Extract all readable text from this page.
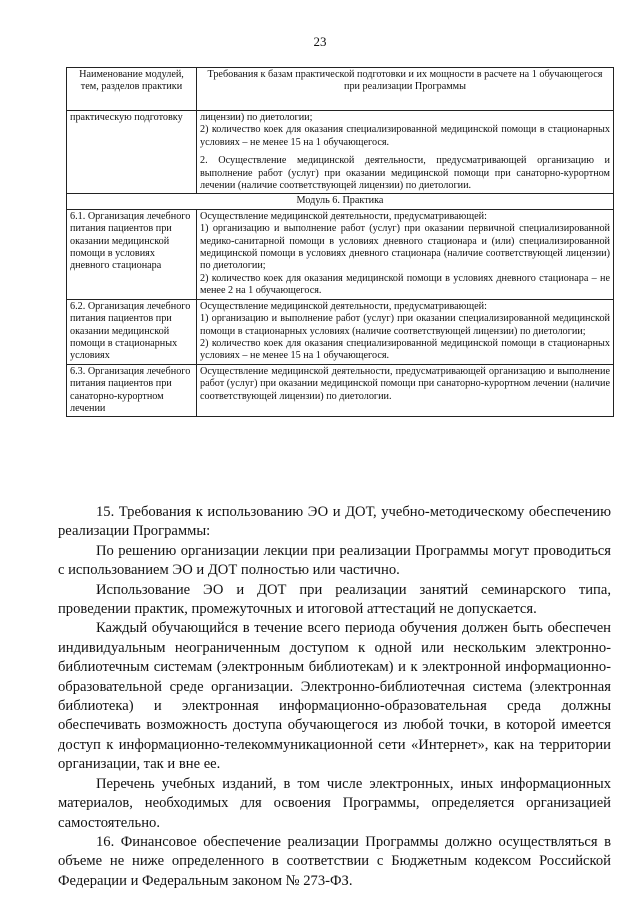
23
Наименование модулей, тем, разделов практики	Требования к базам практической подготовки и их мощности в расчете на 1 обучающегося при реализации Программы
практическую подготовку	лицензии) по диетологии;

2) количество коек для оказания специализированной медицинской помощи в стационарных условиях – не менее 15 на 1 обучающегося.

2. Осуществление медицинской деятельности, предусматривающей организацию и выполнение работ (услуг) при оказании медицинской помощи при санаторно-курортном лечении (наличие соответствующей лицензии) по диетологии.

Модуль 6. Практика	
6.1. Организация лечебного питания пациентов при оказании медицинской помощи в условиях дневного стационара	Осуществление медицинской деятельности, предусматривающей:

1) организацию и выполнение работ (услуг) при оказании первичной специализированной медико-санитарной помощи в условиях дневного стационара и (или) специализированной медицинской помощи в условиях дневного стационара (наличие соответствующей лицензии) по диетологии;

2) количество коек для оказания медицинской помощи в условиях дневного стационара – не менее 2 на 1 обучающегося.

6.2. Организация лечебного питания пациентов при оказании медицинской помощи в стационарных условиях	Осуществление медицинской деятельности, предусматривающей:

1) организацию и выполнение работ (услуг) при оказании специализированной медицинской помощи в стационарных условиях (наличие соответствующей лицензии) по диетологии;

2) количество коек для оказания специализированной медицинской помощи в стационарных условиях – не менее 15 на 1 обучающегося.

6.3. Организация лечебного питания пациентов при санаторно-курортном лечении	Осуществление медицинской деятельности, предусматривающей организацию и выполнение работ (услуг) при оказании медицинской помощи при санаторно-курортном лечении (наличие соответствующей лицензии) по диетологии.

15. Требования к использованию ЭО и ДОТ, учебно-методическому обеспечению реализации Программы:

По решению организации лекции при реализации Программы могут проводиться с использованием ЭО и ДОТ полностью или частично.

Использование ЭО и ДОТ при реализации занятий семинарского типа, проведении практик, промежуточных и итоговой аттестаций не допускается.

Каждый обучающийся в течение всего периода обучения должен быть обеспечен индивидуальным неограниченным доступом к одной или нескольким электронно-библиотечным системам (электронным библиотекам) и к электронной информационно-образовательной среде организации. Электронно-библиотечная система (электронная библиотека) и электронная информационно-образовательная среда должны обеспечивать возможность доступа обучающегося из любой точки, в которой имеется доступ к информационно-телекоммуникационной сети «Интернет», как на территории организации, так и вне ее.

Перечень учебных изданий, в том числе электронных, иных информационных материалов, необходимых для освоения Программы, определяется организацией самостоятельно.

16. Финансовое обеспечение реализации Программы должно осуществляться в объеме не ниже определенного в соответствии с Бюджетным кодексом Российской Федерации и Федеральным законом № 273-ФЗ.
